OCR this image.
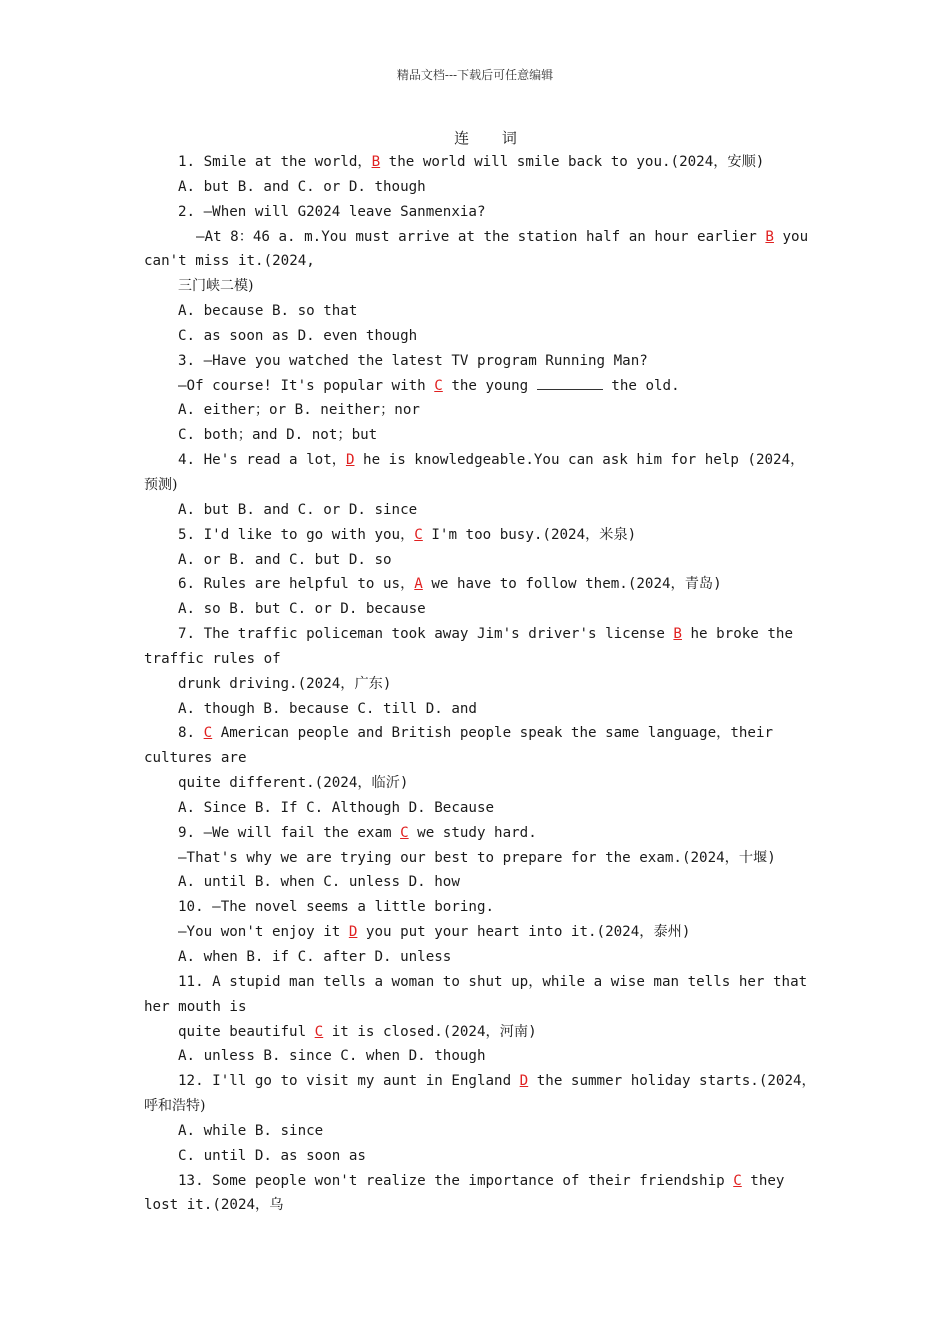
精品文档---下载后可任意编辑
连 词
1. Smile at the world，B the world will smile back to you.(2024，安顺)
A. but B. and C. or D. though
2. —When will G2024 leave Sanmenxia?
—At 8：46 a. m.You must arrive at the station half an hour earlier B you
can't miss it.(2024,
三门峡二模)
A. because B. so that
C. as soon as D. even though
3. —Have you watched the latest TV program Running Man?
—Of course! It's popular with C the young	the old.
A. either；or B. neither；nor
C. both；and D. not；but
4. He's read a lot，D he is knowledgeable.You can ask him for help (2024，
预测)
A. but B. and C. or D. since
5. I'd like to go with you，C I'm too busy.(2024，米泉)
A. or B. and C. but D. so
6. Rules are helpful to us，A we have to follow them.(2024，青岛)
A. so B. but C. or D. because
7. The traffic policeman took away Jim's driver's license B he broke the
traffic rules of
drunk driving.(2024，广东)
A. though B. because C. till D. and
8. C American people and British people speak the same language，their
cultures are
quite different.(2024，临沂)
A. Since B. If C. Although D. Because
9. —We will fail the exam C we study hard.
—That's why we are trying our best to prepare for the exam.(2024，十堰)
A. until B. when C. unless D. how
10. —The novel seems a little boring.
—You won't enjoy it D you put your heart into it.(2024，泰州)
A. when B. if C. after D. unless
11. A stupid man tells a woman to shut up，while a wise man tells her that
her mouth is
quite beautiful C it is closed.(2024，河南)
A. unless B. since C. when D. though
12. I'll go to visit my aunt in England D the summer holiday starts.(2024，
呼和浩特)
A. while B. since
C. until D. as soon as
13. Some people won't realize the importance of their friendship C they
lost it.(2024，乌
